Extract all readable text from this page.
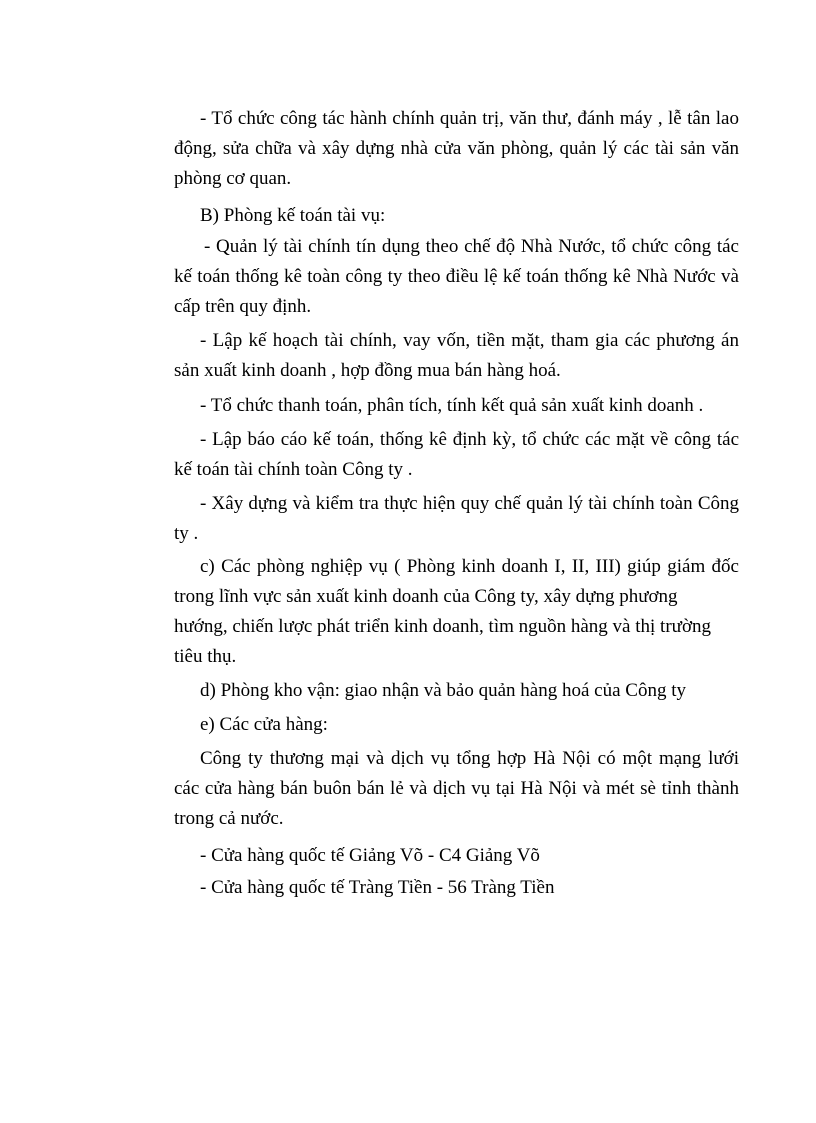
- Tổ chức công tác hành chính quản trị, văn thư, đánh máy , lễ tân lao
động, sửa chữa và xây dựng nhà cửa văn phòng, quản lý các tài sản văn
phòng cơ quan.
B) Phòng kế toán tài vụ:
- Quản lý tài chính tín dụng theo chế độ Nhà Nước, tổ chức công tác
kế toán thống kê toàn công ty theo điều lệ kế toán thống kê Nhà Nước và
cấp trên quy định.
- Lập kế hoạch tài chính, vay vốn, tiền mặt, tham gia các phương án
sản xuất kinh doanh , hợp đồng mua bán hàng hoá.
- Tổ chức thanh toán, phân tích, tính kết quả sản xuất kinh doanh .
- Lập báo cáo kế toán, thống kê định kỳ, tổ chức các mặt về công tác
kế toán tài chính toàn Công ty .
- Xây dựng và kiểm tra thực hiện quy chế quản lý tài chính toàn Công
ty .
c) Các phòng nghiệp vụ ( Phòng kinh doanh I, II, III) giúp giám đốc
trong lĩnh vực sản xuất kinh doanh của Công ty, xây dựng phương
hướng, chiến lược phát triển kinh doanh, tìm nguồn hàng và thị trường
tiêu thụ.
d) Phòng kho vận: giao nhận và bảo quản hàng hoá của Công ty
e) Các cửa hàng:
Công ty thương mại và dịch vụ tổng hợp Hà Nội có một mạng lưới
các cửa hàng bán buôn bán lẻ và dịch vụ tại Hà Nội và mét sè tỉnh thành
trong cả nước.
- Cửa hàng quốc tế Giảng Võ - C4 Giảng Võ
- Cửa hàng quốc tế Tràng Tiền - 56 Tràng Tiền
